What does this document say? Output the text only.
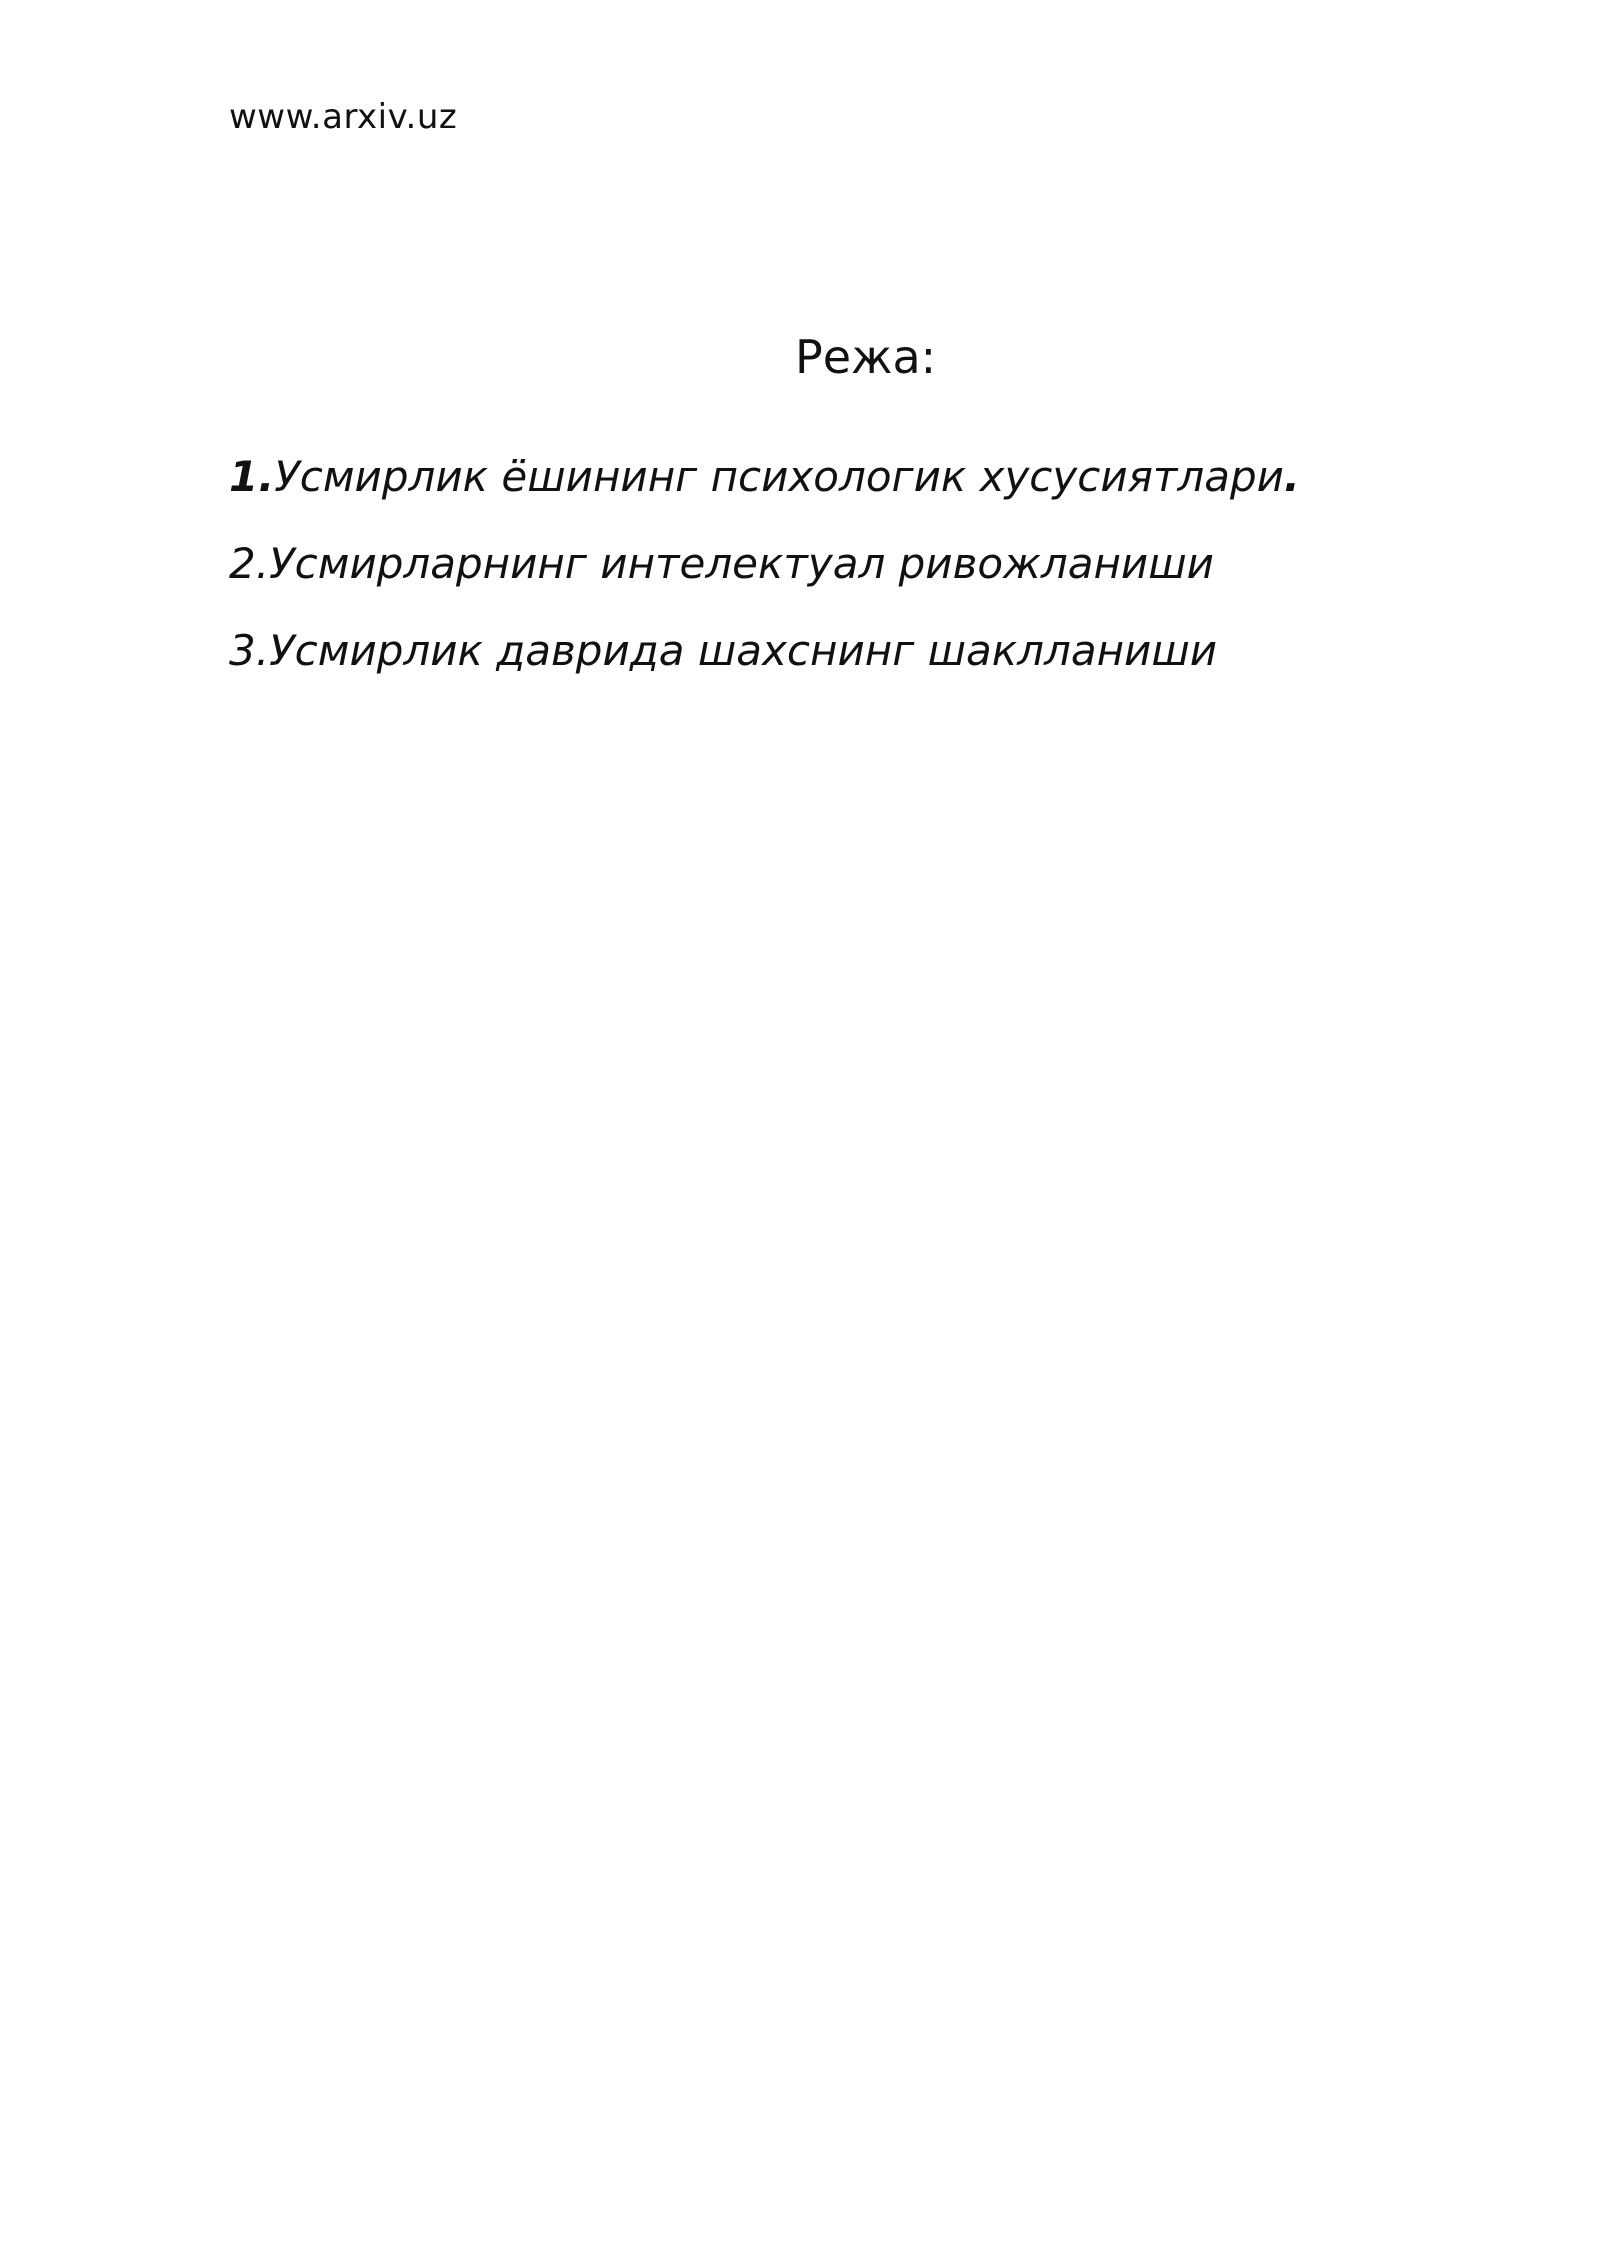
www.arxiv.uz
Режа:
1.Усмирлик ёшининг психологик хусусиятлари.
2.Усмирларнинг интелектуал ривожланиши
3.Усмирлик даврида шахснинг шаклланиши
